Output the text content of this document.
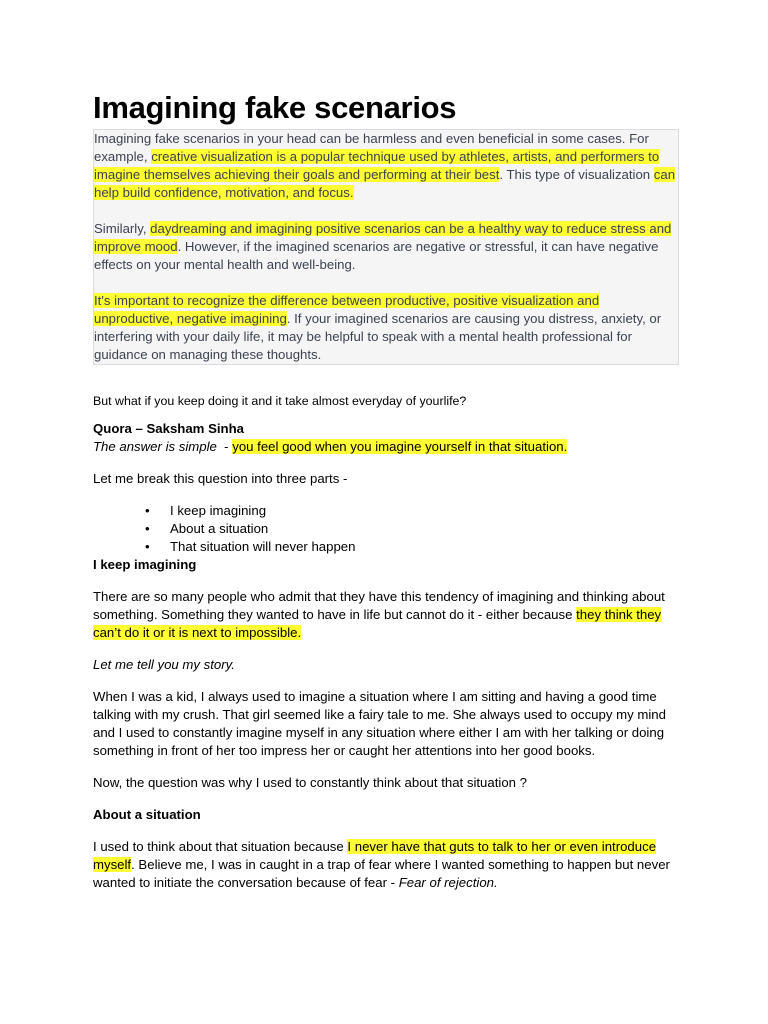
Imagining fake scenarios

Imagining fake scenarios in your head can be harmless and even beneficial in some cases. For example, creative visualization is a popular technique used by athletes, artists, and performers to imagine themselves achieving their goals and performing at their best. This type of visualization can help build confidence, motivation, and focus.

Similarly, daydreaming and imagining positive scenarios can be a healthy way to reduce stress and improve mood. However, if the imagined scenarios are negative or stressful, it can have negative effects on your mental health and well-being.

It's important to recognize the difference between productive, positive visualization and unproductive, negative imagining. If your imagined scenarios are causing you distress, anxiety, or interfering with your daily life, it may be helpful to speak with a mental health professional for guidance on managing these thoughts.

But what if you keep doing it and it take almost everyday of yourlife?

Quora – Saksham Sinha

The answer is simple  - you feel good when you imagine yourself in that situation.

Let me break this question into three parts -

• I keep imagining
• About a situation
• That situation will never happen

I keep imagining

There are so many people who admit that they have this tendency of imagining and thinking about something. Something they wanted to have in life but cannot do it - either because they think they can’t do it or it is next to impossible.

Let me tell you my story.

When I was a kid, I always used to imagine a situation where I am sitting and having a good time talking with my crush. That girl seemed like a fairy tale to me. She always used to occupy my mind and I used to constantly imagine myself in any situation where either I am with her talking or doing something in front of her too impress her or caught her attentions into her good books.

Now, the question was why I used to constantly think about that situation ?

About a situation

I used to think about that situation because I never have that guts to talk to her or even introduce myself. Believe me, I was in caught in a trap of fear where I wanted something to happen but never wanted to initiate the conversation because of fear - Fear of rejection.
